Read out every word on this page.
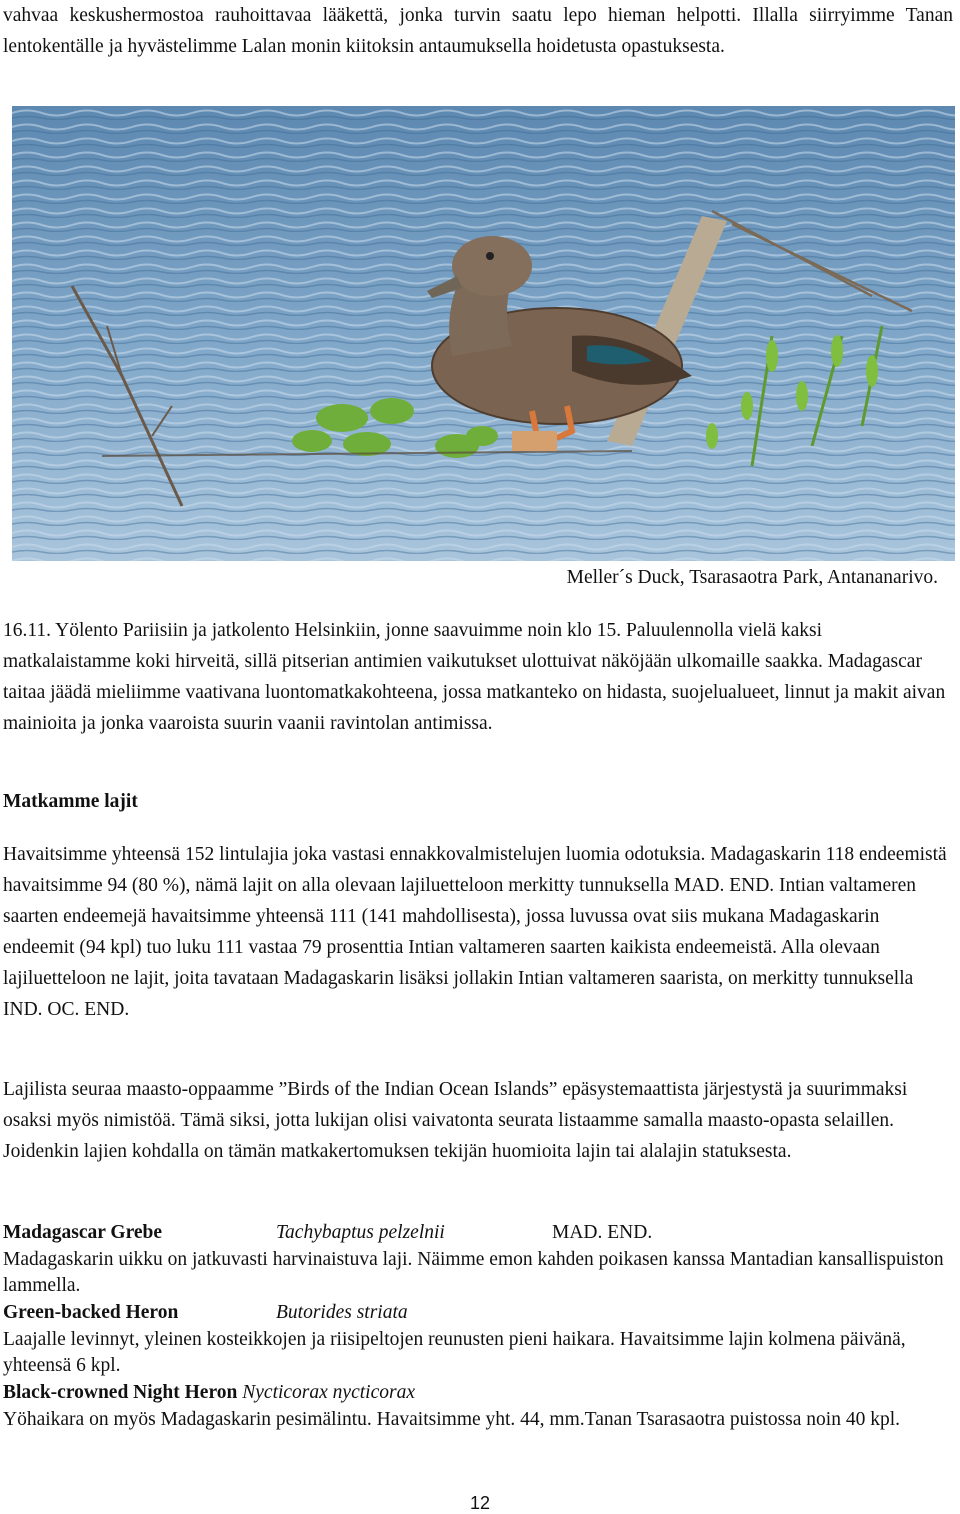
vahvaa keskushermostoa rauhoittavaa lääkettä, jonka turvin saatu lepo hieman helpotti. Illalla siirryimme Tanan lentokentälle ja hyvästelimme Lalan monin kiitoksin antaumuksella hoidetusta opastuksesta.

Meller´s Duck, Tsarasaotra Park, Antananarivo.

16.11. Yölento Pariisiin ja jatkolento Helsinkiin, jonne saavuimme noin klo 15. Paluulennolla vielä kaksi matkalaistamme koki hirveitä, sillä pitserian antimien vaikutukset ulottuivat näköjään ulkomaille saakka. Madagascar taitaa jäädä mieliimme vaativana luontomatkakohteena, jossa matkanteko on hidasta, suojelualueet, linnut ja makit aivan mainioita ja jonka vaaroista suurin vaanii ravintolan antimissa.

Matkamme lajit

Havaitsimme yhteensä 152 lintulajia joka vastasi ennakkovalmistelujen luomia odotuksia. Madagaskarin 118 endeemistä havaitsimme 94 (80 %), nämä lajit on alla olevaan lajiluetteloon merkitty tunnuksella MAD. END. Intian valtameren saarten endeemejä havaitsimme yhteensä 111 (141 mahdollisesta), jossa luvussa ovat siis mukana Madagaskarin endeemit (94 kpl) tuo luku 111 vastaa 79 prosenttia Intian valtameren saarten kaikista endeemeistä. Alla olevaan lajiluetteloon ne lajit, joita tavataan Madagaskarin lisäksi jollakin Intian valtameren saarista, on merkitty tunnuksella IND. OC. END.

Lajilista seuraa maasto-oppaamme ”Birds of the Indian Ocean Islands” epäsystemaattista järjestystä ja suurimmaksi osaksi myös nimistöä. Tämä siksi, jotta lukijan olisi vaivatonta seurata listaamme samalla maasto-opasta selaillen. Joidenkin lajien kohdalla on tämän matkakertomuksen tekijän huomioita lajin tai alalajin statuksesta.

Madagascar Grebe	Tachybaptus pelzelnii	MAD. END.
Madagaskarin uikku on jatkuvasti harvinaistuva laji. Näimme emon kahden poikasen kanssa Mantadian kansallispuiston lammella.
Green-backed Heron	Butorides striata
Laajalle levinnyt, yleinen kosteikkojen ja riisipeltojen reunusten pieni haikara. Havaitsimme lajin kolmena päivänä, yhteensä 6 kpl.
Black-crowned Night Heron Nycticorax nycticorax
Yöhaikara on myös Madagaskarin pesimälintu. Havaitsimme yht. 44, mm.Tanan Tsarasaotra puistossa noin 40 kpl.
12
